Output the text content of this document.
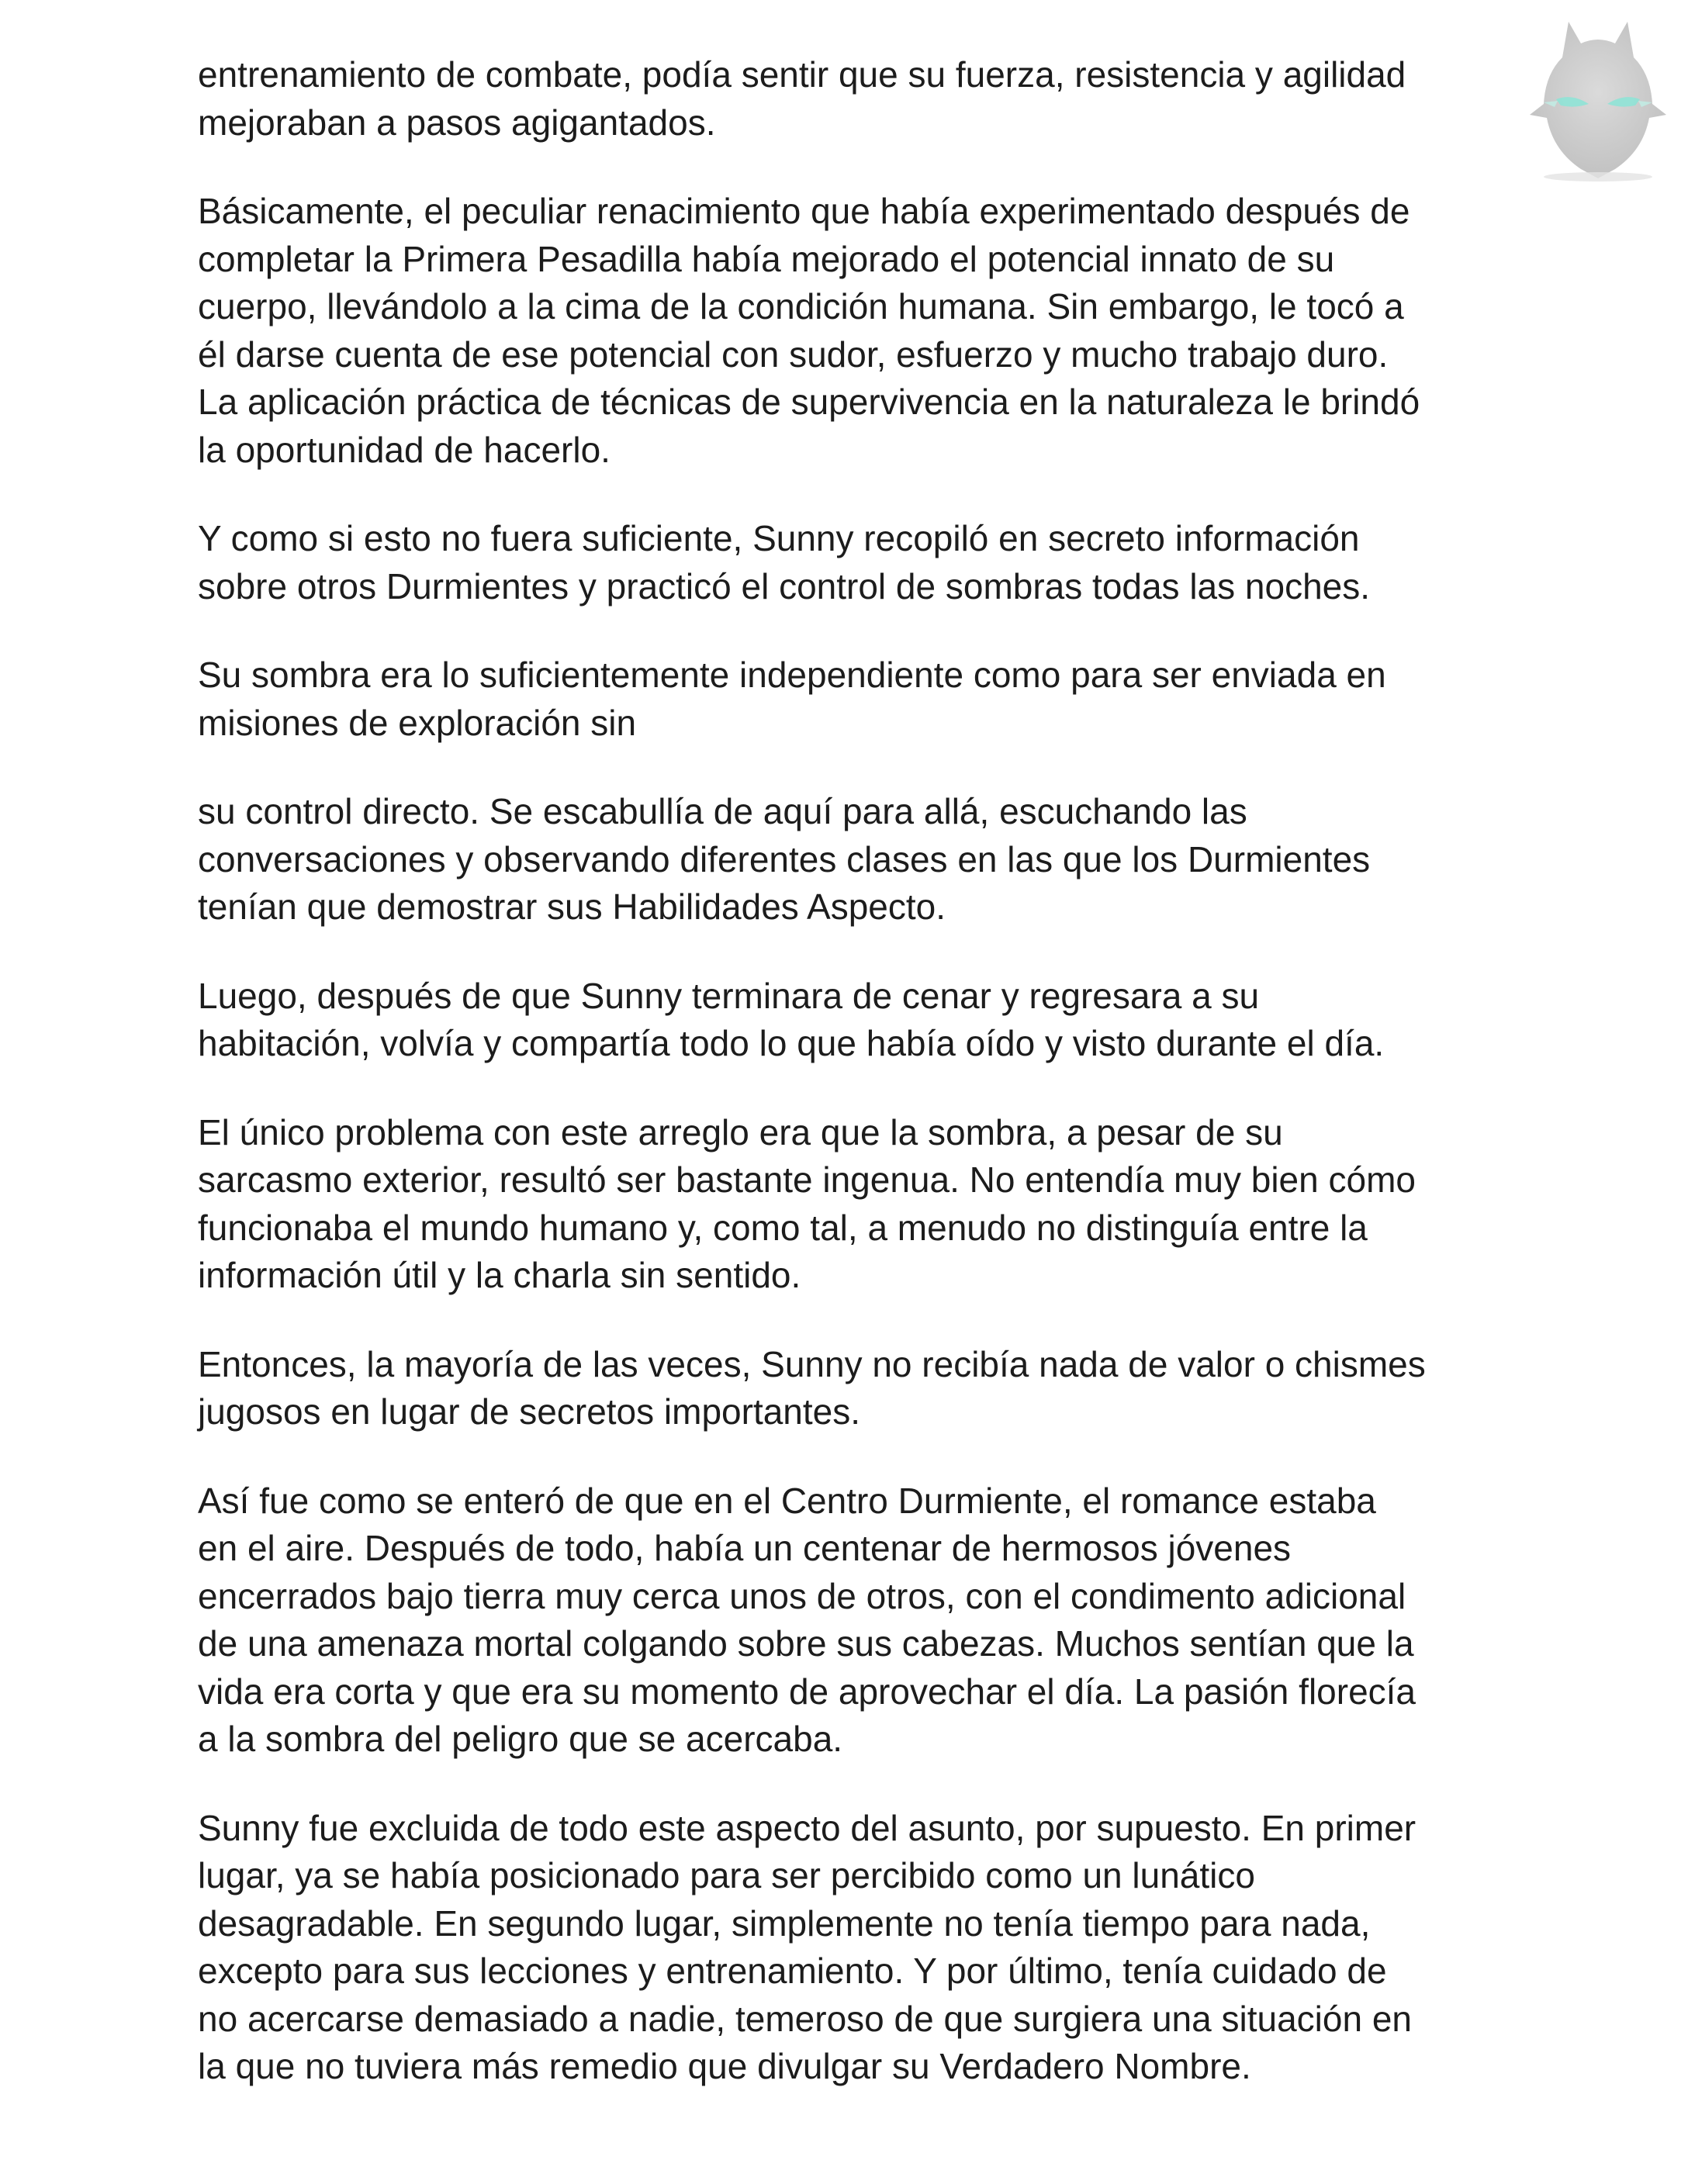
entrenamiento de combate, podía sentir que su fuerza, resistencia y agilidad
mejoraban a pasos agigantados.

Básicamente, el peculiar renacimiento que había experimentado después de
completar la Primera Pesadilla había mejorado el potencial innato de su
cuerpo, llevándolo a la cima de la condición humana. Sin embargo, le tocó a
él darse cuenta de ese potencial con sudor, esfuerzo y mucho trabajo duro.
La aplicación práctica de técnicas de supervivencia en la naturaleza le brindó
la oportunidad de hacerlo.

Y como si esto no fuera suficiente, Sunny recopiló en secreto información
sobre otros Durmientes y practicó el control de sombras todas las noches.

Su sombra era lo suficientemente independiente como para ser enviada en
misiones de exploración sin

su control directo. Se escabullía de aquí para allá, escuchando las
conversaciones y observando diferentes clases en las que los Durmientes
tenían que demostrar sus Habilidades Aspecto.

Luego, después de que Sunny terminara de cenar y regresara a su
habitación, volvía y compartía todo lo que había oído y visto durante el día.

El único problema con este arreglo era que la sombra, a pesar de su
sarcasmo exterior, resultó ser bastante ingenua. No entendía muy bien cómo
funcionaba el mundo humano y, como tal, a menudo no distinguía entre la
información útil y la charla sin sentido.

Entonces, la mayoría de las veces, Sunny no recibía nada de valor o chismes
jugosos en lugar de secretos importantes.

Así fue como se enteró de que en el Centro Durmiente, el romance estaba
en el aire. Después de todo, había un centenar de hermosos jóvenes
encerrados bajo tierra muy cerca unos de otros, con el condimento adicional
de una amenaza mortal colgando sobre sus cabezas. Muchos sentían que la
vida era corta y que era su momento de aprovechar el día. La pasión florecía
a la sombra del peligro que se acercaba.

Sunny fue excluida de todo este aspecto del asunto, por supuesto. En primer
lugar, ya se había posicionado para ser percibido como un lunático
desagradable. En segundo lugar, simplemente no tenía tiempo para nada,
excepto para sus lecciones y entrenamiento. Y por último, tenía cuidado de
no acercarse demasiado a nadie, temeroso de que surgiera una situación en
la que no tuviera más remedio que divulgar su Verdadero Nombre.
